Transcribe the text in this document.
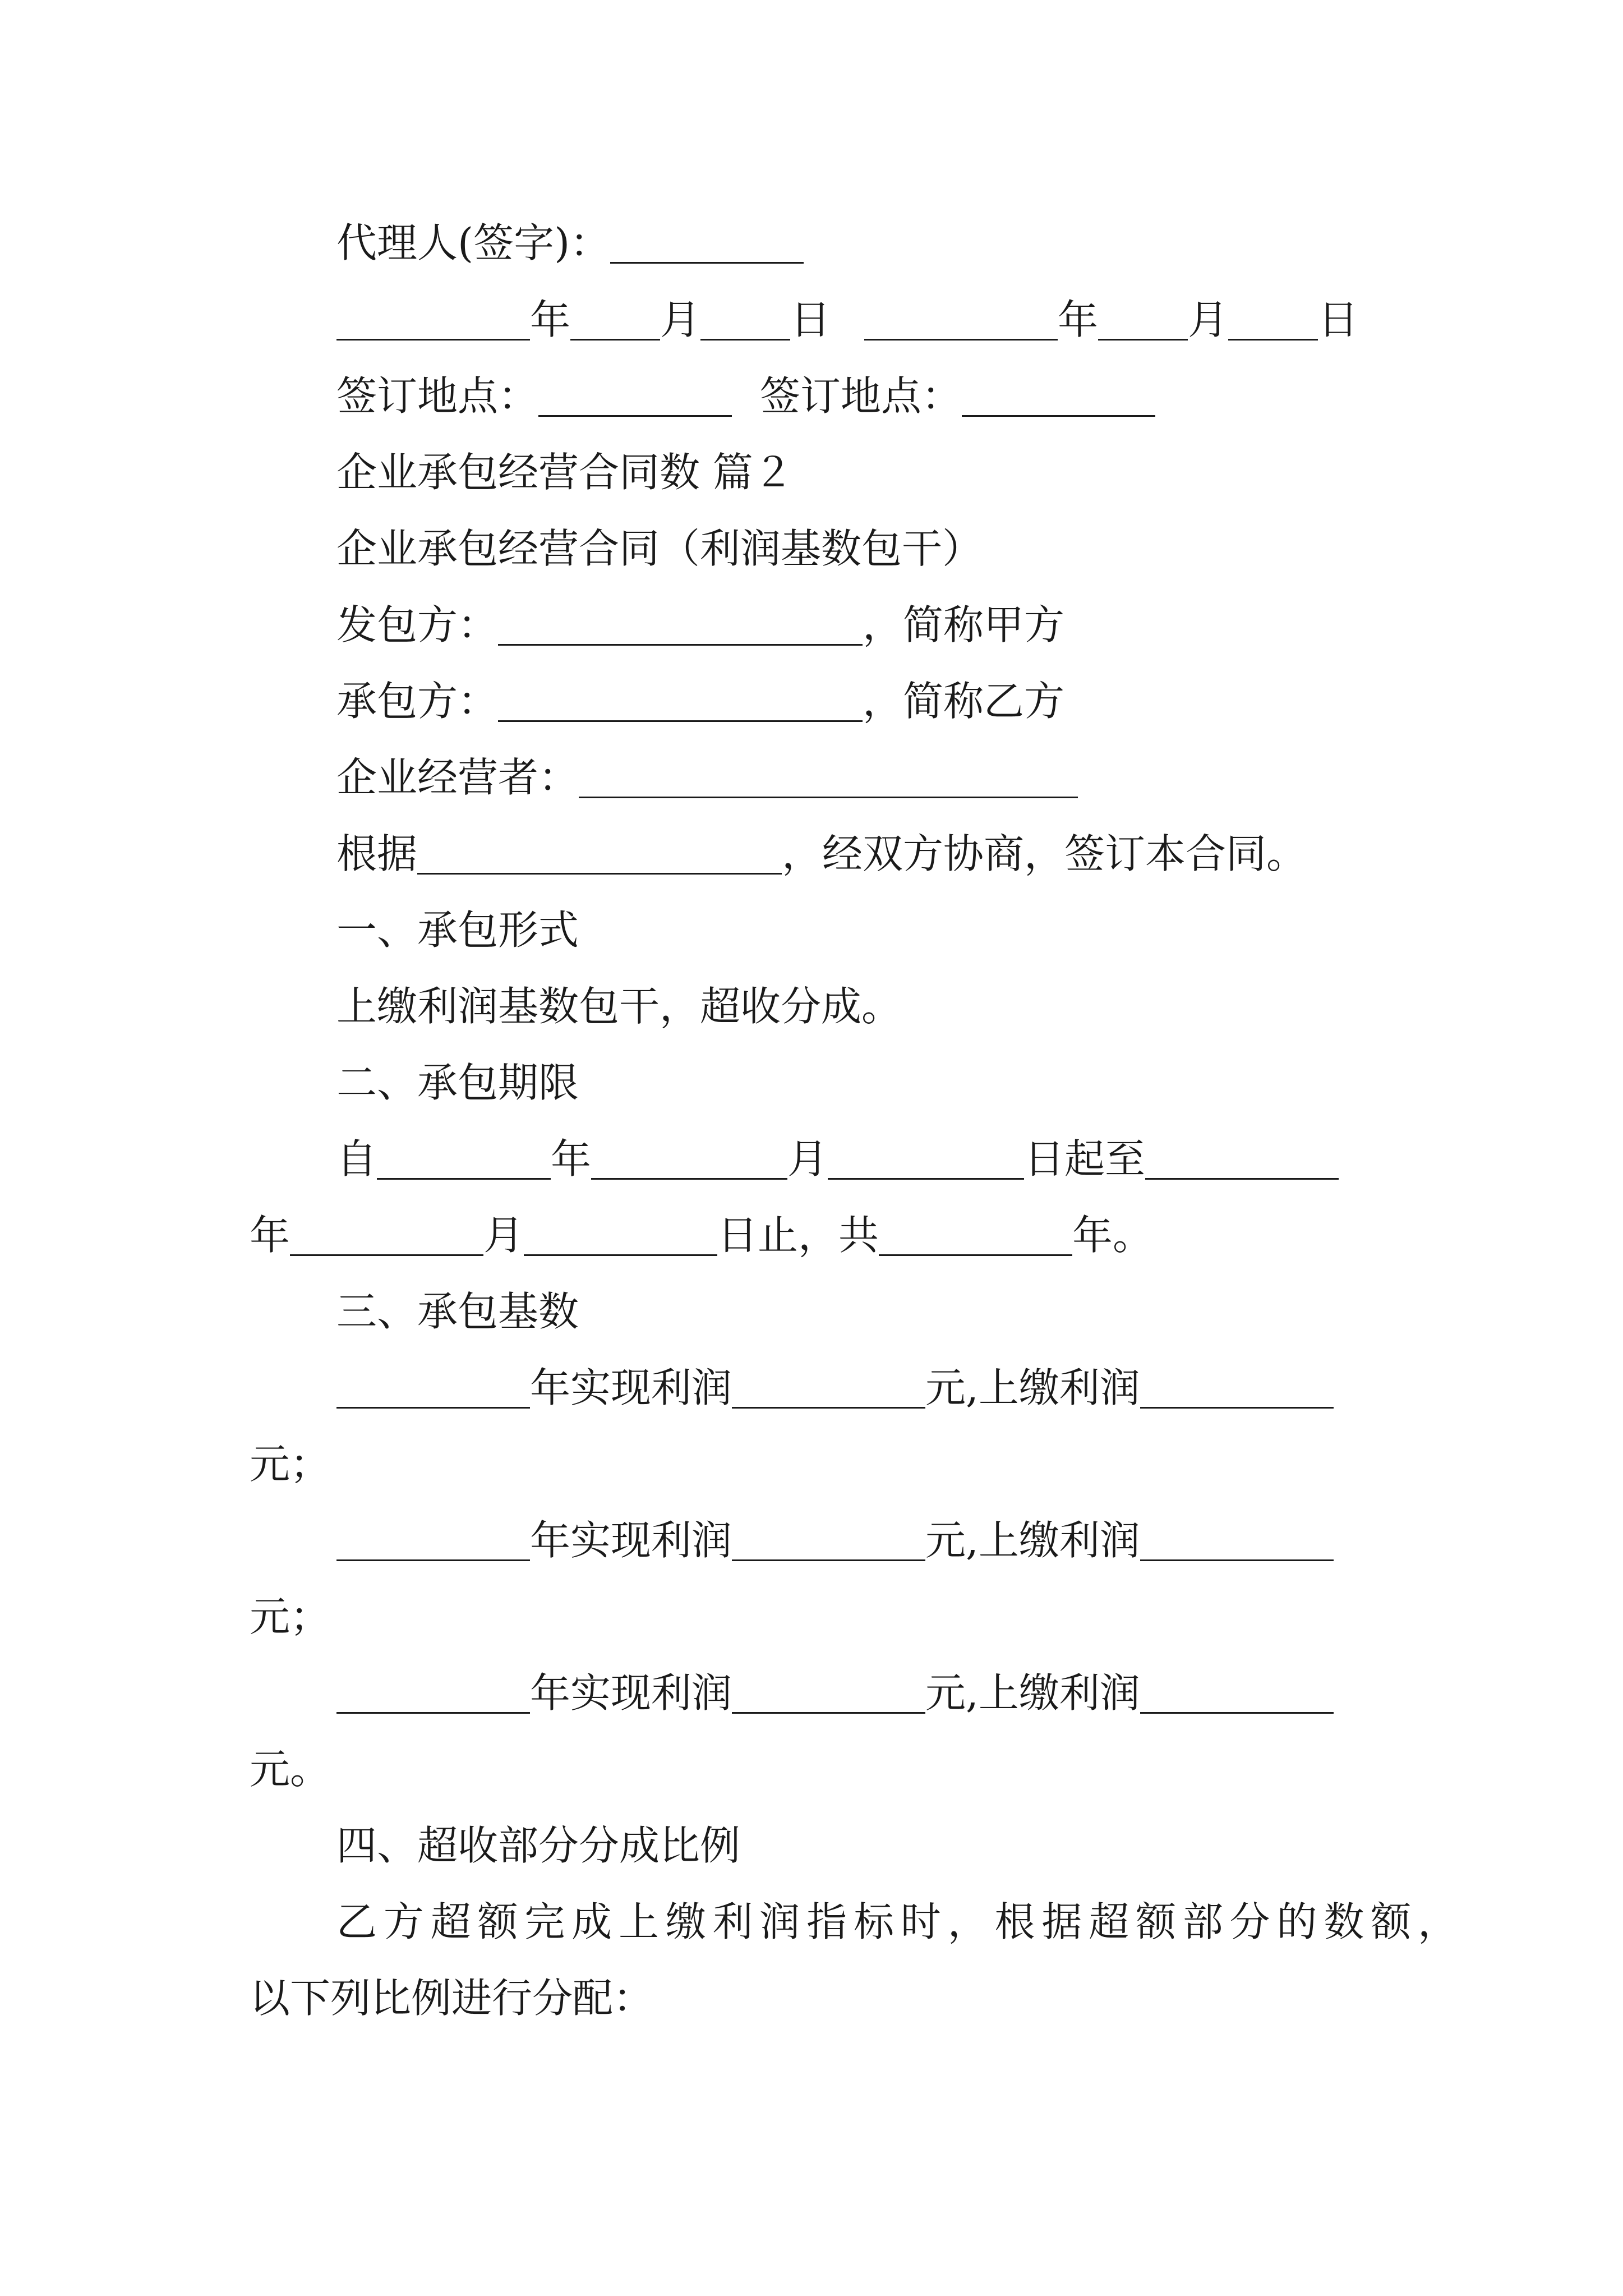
代理人(签字)：
年 月 日	年 月 日
签订地点：	签订地点：
企业承包经营合同数 篇２
企业承包经营合同（利润基数包干）
发包方：	，简称甲方
承包方：	，简称乙方
企业经营者：
根据	，经双方协商，签订本合同。
一、承包形式
上缴利润基数包干，超收分成。
二、承包期限
自	年	月	日起至
年	月	日止，共	年。
三、承包基数
年实现利润	元,上缴利润
元；
年实现利润	元,上缴利润
元；
年实现利润	元,上缴利润
元。
四、超收部分分成比例
乙方超额完成上缴利润指标时，根据超额部分的数额，
以下列比例进行分配：
